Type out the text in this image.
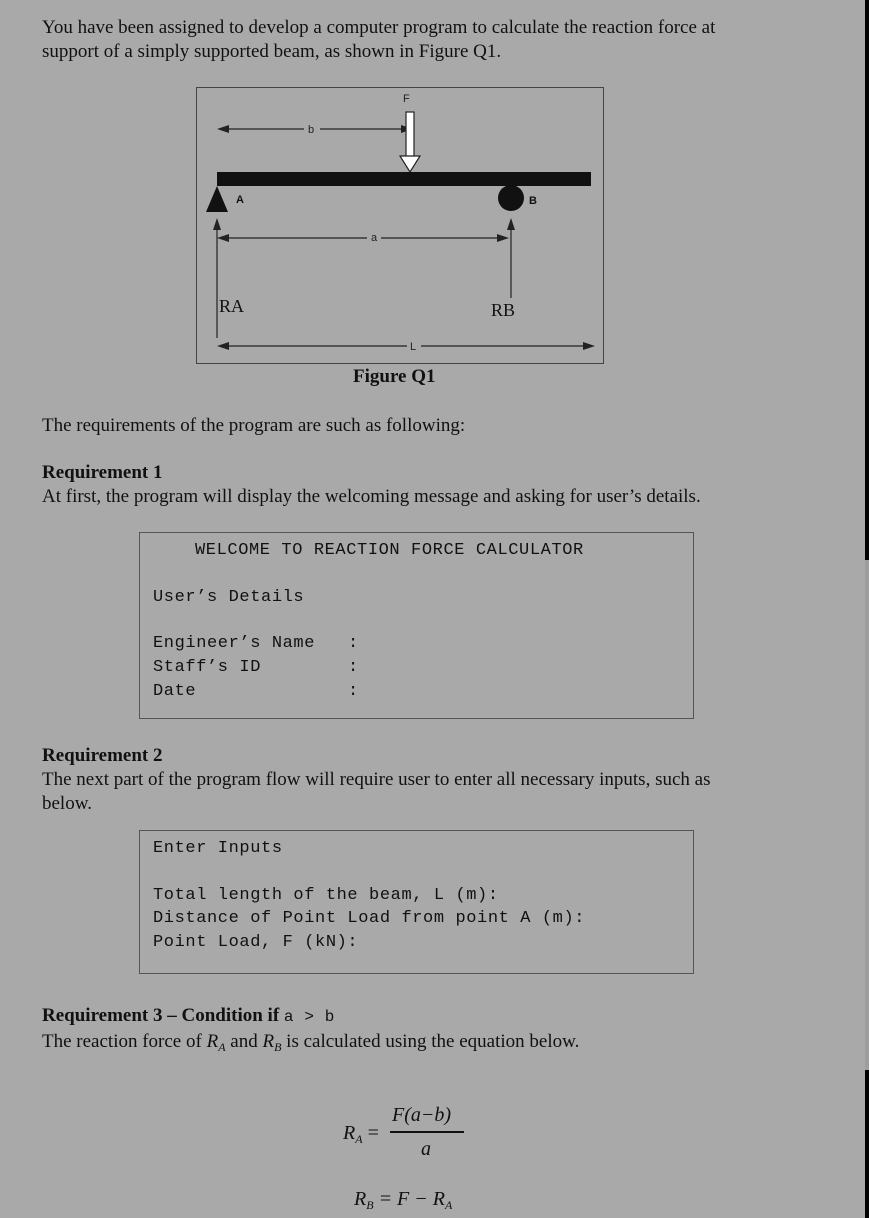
You have been assigned to develop a computer program to calculate the reaction force at
support of a simply supported beam, as shown in Figure Q1.
F
b
A	B
a
RA	RB
L
Figure Q1
The requirements of the program are such as following:
Requirement 1
At first, the program will display the welcoming message and asking for user’s details.
WELCOME TO REACTION FORCE CALCULATOR
User’s Details
Engineer’s Name :
Staff’s ID	:
Date	:
Requirement 2
The next part of the program flow will require user to enter all necessary inputs, such as
below.
Enter Inputs
Total length of the beam, L (m):
Distance of Point Load from point A (m):
Point Load, F (kN):
Requirement 3 – Condition if a > b
The reaction force of $R_A$ and $R_B$ is calculated using the equation below.
$R_A$ =
F(a−b)
a
$R_B = F - R_A$
